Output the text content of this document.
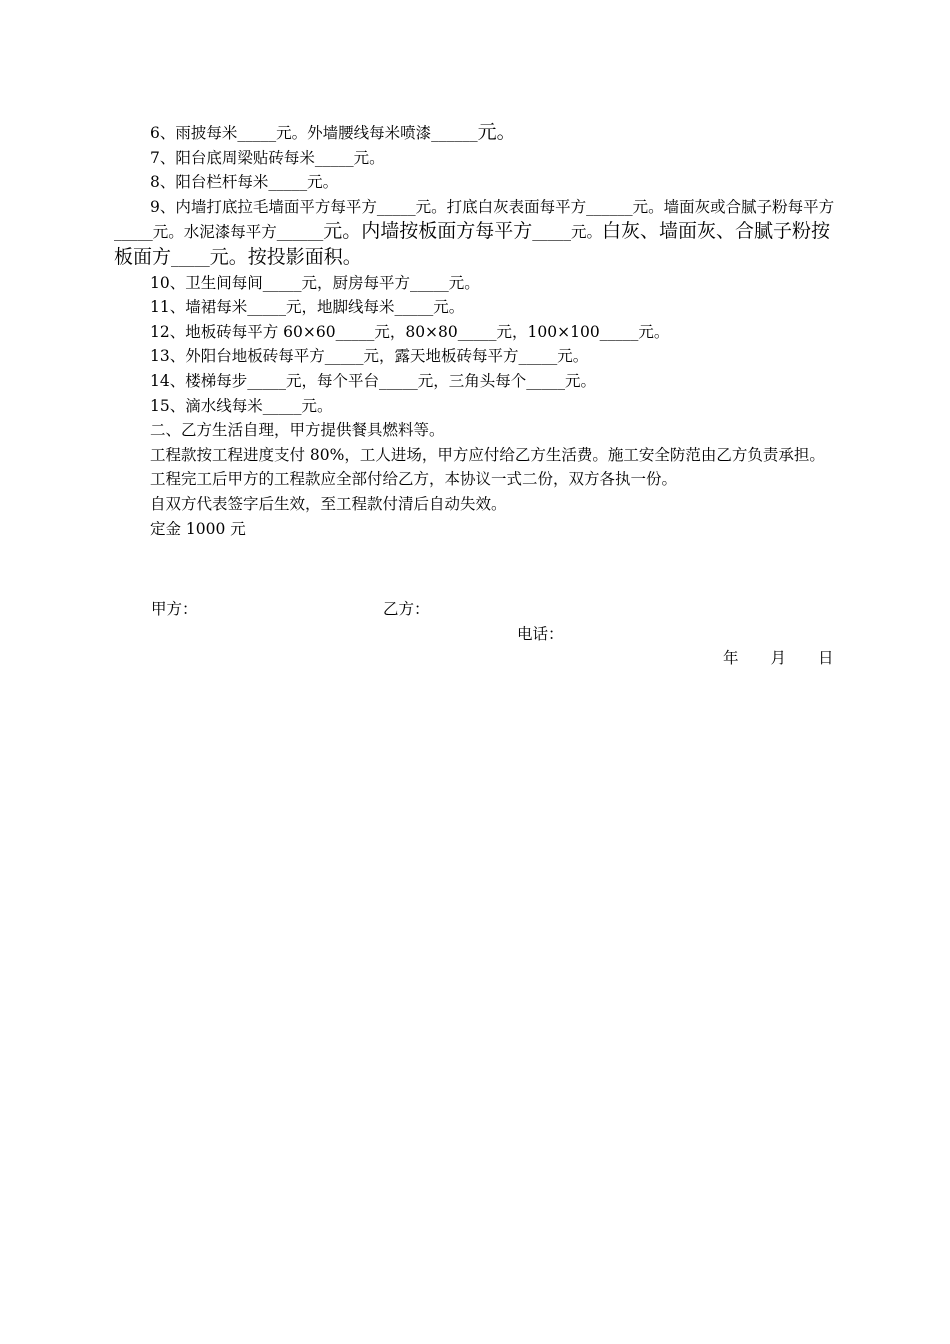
6、雨披每米_____元。外墙腰线每米喷漆______元。
7、阳台底周梁贴砖每米_____元。
8、阳台栏杆每米_____元。
9、内墙打底拉毛墙面平方每平方_____元。打底白灰表面每平方______元。墙面灰或合腻子粉每平方_____元。水泥漆每平方______元。内墙按板面方每平方_____元。白灰、墙面灰、合腻子粉按板面方_____元。按投影面积。
10、卫生间每间_____元，厨房每平方_____元。
11、墙裙每米_____元，地脚线每米_____元。
12、地板砖每平方 60×60_____元，80×80_____元，100×100_____元。
13、外阳台地板砖每平方_____元，露天地板砖每平方_____元。
14、楼梯每步_____元，每个平台_____元，三角头每个_____元。
15、滴水线每米_____元。
二、乙方生活自理，甲方提供餐具燃料等。
工程款按工程进度支付 80%，工人进场，甲方应付给乙方生活费。施工安全防范由乙方负责承担。
工程完工后甲方的工程款应全部付给乙方，本协议一式二份，双方各执一份。
自双方代表签字后生效，至工程款付清后自动失效。
定金 1000 元
甲方：	乙方：
电话：
年 月 日
